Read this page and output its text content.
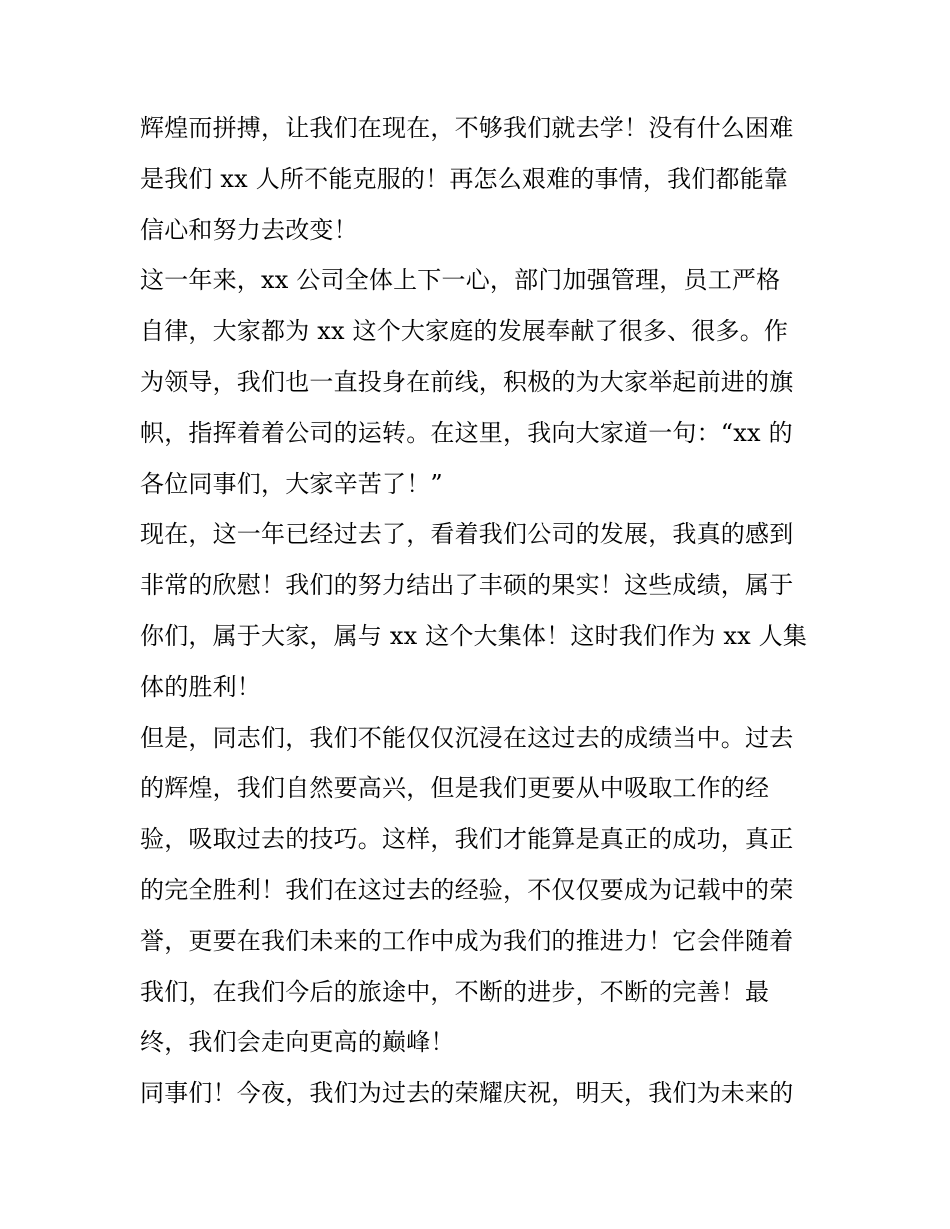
辉煌而拼搏，让我们在现在，不够我们就去学！没有什么困难
是我们 xx 人所不能克服的！再怎么艰难的事情，我们都能靠
信心和努力去改变！
这一年来，xx 公司全体上下一心，部门加强管理，员工严格
自律，大家都为 xx 这个大家庭的发展奉献了很多、很多。作
为领导，我们也一直投身在前线，积极的为大家举起前进的旗
帜，指挥着着公司的运转。在这里，我向大家道一句：“xx 的
各位同事们，大家辛苦了！”
现在，这一年已经过去了，看着我们公司的发展，我真的感到
非常的欣慰！我们的努力结出了丰硕的果实！这些成绩，属于
你们，属于大家，属与 xx 这个大集体！这时我们作为 xx 人集
体的胜利！
但是，同志们，我们不能仅仅沉浸在这过去的成绩当中。过去
的辉煌，我们自然要高兴，但是我们更要从中吸取工作的经
验，吸取过去的技巧。这样，我们才能算是真正的成功，真正
的完全胜利！我们在这过去的经验，不仅仅要成为记载中的荣
誉，更要在我们未来的工作中成为我们的推进力！它会伴随着
我们，在我们今后的旅途中，不断的进步，不断的完善！最
终，我们会走向更高的巅峰！
同事们！今夜，我们为过去的荣耀庆祝，明天，我们为未来的
